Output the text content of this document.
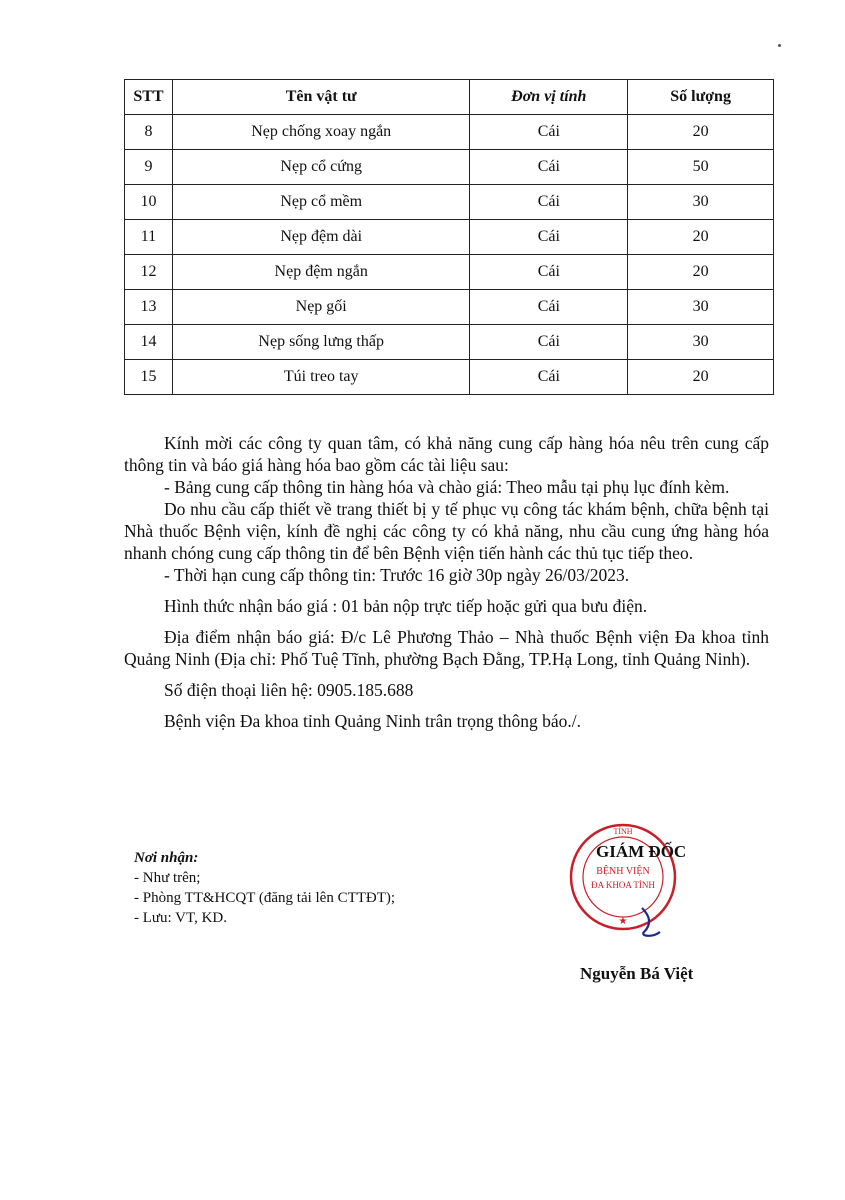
STT	Tên vật tư	Đơn vị tính	Số lượng
8	Nẹp chống xoay ngắn	Cái	20
9	Nẹp cổ cứng	Cái	50
10	Nẹp cổ mềm	Cái	30
11	Nẹp đệm dài	Cái	20
12	Nẹp đệm ngắn	Cái	20
13	Nẹp gối	Cái	30
14	Nẹp sống lưng thấp	Cái	30
15	Túi treo tay	Cái	20

Kính mời các công ty quan tâm, có khả năng cung cấp hàng hóa nêu trên cung cấp thông tin và báo giá hàng hóa bao gồm các tài liệu sau:

- Bảng cung cấp thông tin hàng hóa và chào giá: Theo mẫu tại phụ lục đính kèm.

Do nhu cầu cấp thiết về trang thiết bị y tế phục vụ công tác khám bệnh, chữa bệnh tại Nhà thuốc Bệnh viện, kính đề nghị các công ty có khả năng, nhu cầu cung ứng hàng hóa nhanh chóng cung cấp thông tin để bên Bệnh viện tiến hành các thủ tục tiếp theo.

- Thời hạn cung cấp thông tin: Trước 16 giờ 30p ngày 26/03/2023.

Hình thức nhận báo giá : 01 bản nộp trực tiếp hoặc gửi qua bưu điện.

Địa điểm nhận báo giá: Đ/c Lê Phương Thảo – Nhà thuốc Bệnh viện Đa khoa tỉnh Quảng Ninh (Địa chỉ: Phố Tuệ Tĩnh, phường Bạch Đằng, TP.Hạ Long, tỉnh Quảng Ninh).

Số điện thoại liên hệ: 0905.185.688

Bệnh viện Đa khoa tỉnh Quảng Ninh trân trọng thông báo./.

Nơi nhận:

- Như trên;

- Phòng TT&HCQT (đăng tải lên CTTĐT);

- Lưu: VT, KD.

TỈNH
BỆNH VIỆN
ĐA KHOA TỈNH
★
GIÁM ĐỐC
Nguyễn Bá Việt
